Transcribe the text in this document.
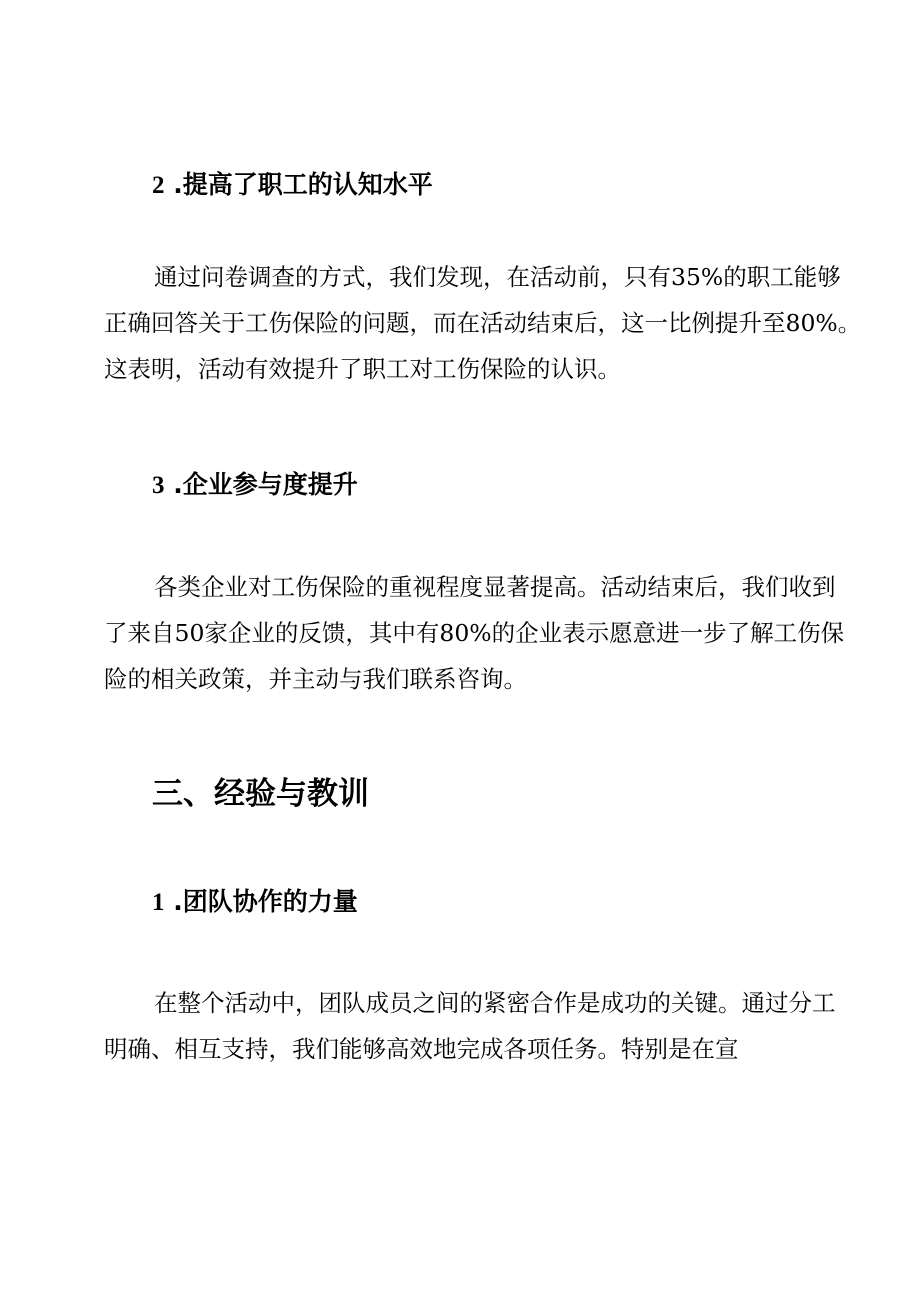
2 .提高了职工的认知水平
通过问卷调查的方式，我们发现，在活动前，只有35%的职工能够
正确回答关于工伤保险的问题，而在活动结束后，这一比例提升至80%。
这表明，活动有效提升了职工对工伤保险的认识。
3 .企业参与度提升
各类企业对工伤保险的重视程度显著提高。活动结束后，我们收到
了来自50家企业的反馈，其中有80%的企业表示愿意进一步了解工伤保
险的相关政策，并主动与我们联系咨询。
三、经验与教训
1 .团队协作的力量
在整个活动中，团队成员之间的紧密合作是成功的关键。通过分工
明确、相互支持，我们能够高效地完成各项任务。特别是在宣
